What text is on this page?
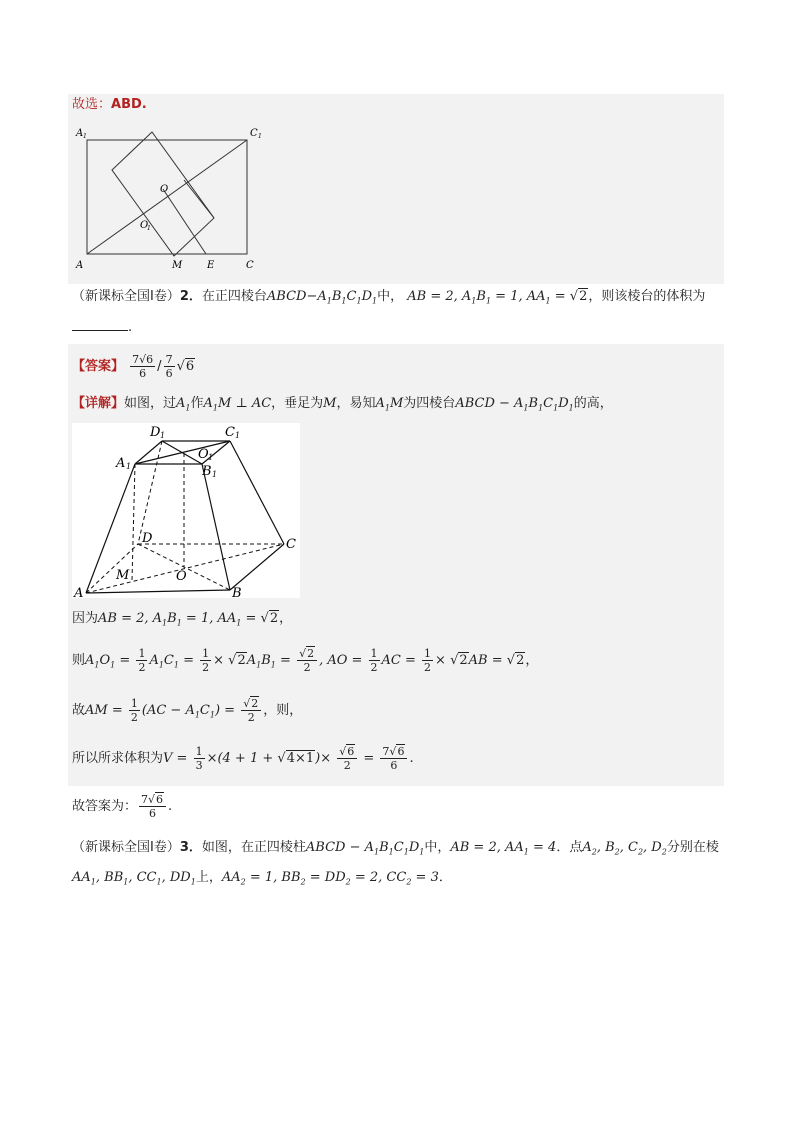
故选：ABD.
A 1	C 1
O
O
1
A	M E	C
（新课标全国Ⅰ卷）2．在正四棱台$ABCD-A_1B_1C_1D_1$中， AB = 2, $A_1B_1 = 1$, $AA_1 = √2$，则该棱台的体积为
.
【答案】 $\frac{7√6}{6} / \frac{7}{6} √6$
【详解】如图，过$A_1$作$A_1M$ ⊥ AC，垂足为M，易知$A_1M$为四棱台ABCD − $A_1B_1C_1D_1$的高，
D 1	C 1
A 1
O 1
B 1
D	C
M	O
A	B
因为AB = 2, $A_1B_1 = 1$, $AA_1 = √2$，
则$A_1O_1 = \frac{1}{2} A_1C_1 = \frac{1}{2} \times √2A_1B_1 = \frac{√2}{2}$ , AO = $\frac{1}{2}$ AC = $\frac{1}{2} \times √2AB = √2$，
故AM = $\frac{1}{2} (AC - A_1C_1) = \frac{√2}{2}$ ，则，
所以所求体积为$V = \frac{1}{3} \times(4 + 1 + √4\times 1)\times \frac{√6}{2} = \frac{7√6}{6}$ .
故答案为： $\frac{7√6}{6}$ .
（新课标全国Ⅰ卷）3．如图，在正四棱柱ABCD − $A_1B_1C_1D_1$中，AB = 2, $AA_1 = 4$．点$A_2$, $B_2$, $C_2$, $D_2$分别在棱
$AA_1$, $BB_1$, $CC_1$, $DD_1$上，$AA_2 = 1$, $BB_2 = DD_2 = 2$, $CC_2 = 3$．
